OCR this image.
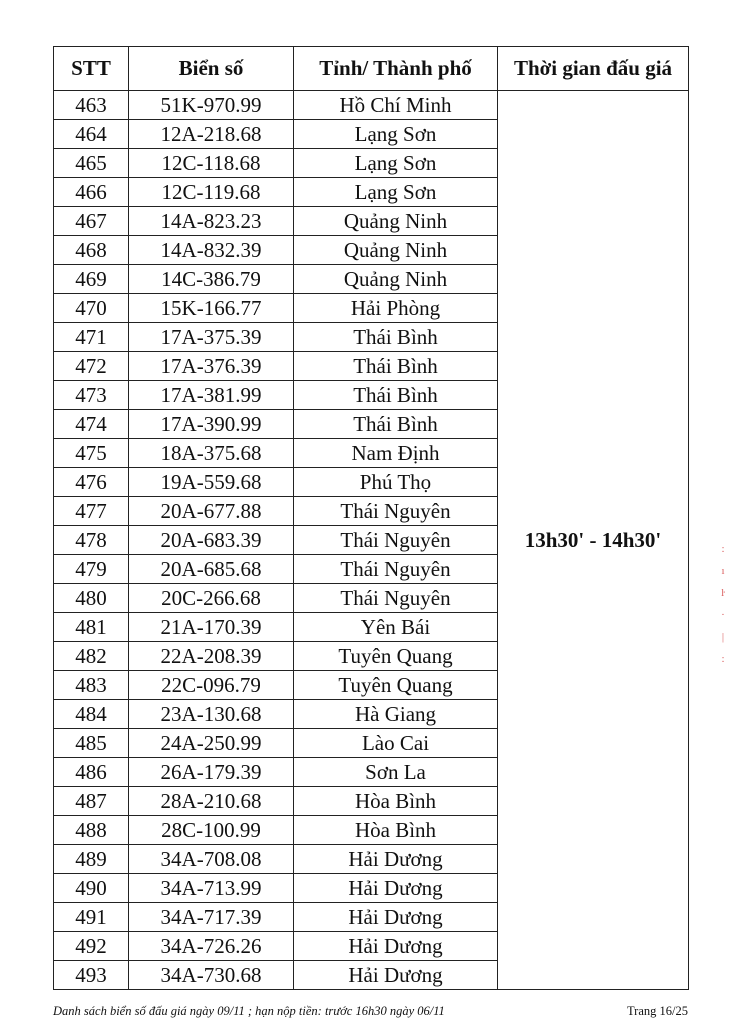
STT	Biển số	Tỉnh/ Thành phố	Thời gian đấu giá
463	51K-970.99	Hồ Chí Minh	13h30' - 14h30'
464	12A-218.68	Lạng Sơn	
465	12C-118.68	Lạng Sơn	
466	12C-119.68	Lạng Sơn	
467	14A-823.23	Quảng Ninh	
468	14A-832.39	Quảng Ninh	
469	14C-386.79	Quảng Ninh	
470	15K-166.77	Hải Phòng	
471	17A-375.39	Thái Bình	
472	17A-376.39	Thái Bình	
473	17A-381.99	Thái Bình	
474	17A-390.99	Thái Bình	
475	18A-375.68	Nam Định	
476	19A-559.68	Phú Thọ	
477	20A-677.88	Thái Nguyên	
478	20A-683.39	Thái Nguyên	
479	20A-685.68	Thái Nguyên	
480	20C-266.68	Thái Nguyên	
481	21A-170.39	Yên Bái	
482	22A-208.39	Tuyên Quang	
483	22C-096.79	Tuyên Quang	
484	23A-130.68	Hà Giang	
485	24A-250.99	Lào Cai	
486	26A-179.39	Sơn La	
487	28A-210.68	Hòa Bình	
488	28C-100.99	Hòa Bình	
489	34A-708.08	Hải Dương	
490	34A-713.99	Hải Dương	
491	34A-717.39	Hải Dương	
492	34A-726.26	Hải Dương	
493	34A-730.68	Hải Dương	
Danh sách biển số đấu giá ngày 09/11 ; hạn nộp tiền: trước 16h30 ngày 06/11	Trang 16/25
:
ı
ŀ
·
|
:
